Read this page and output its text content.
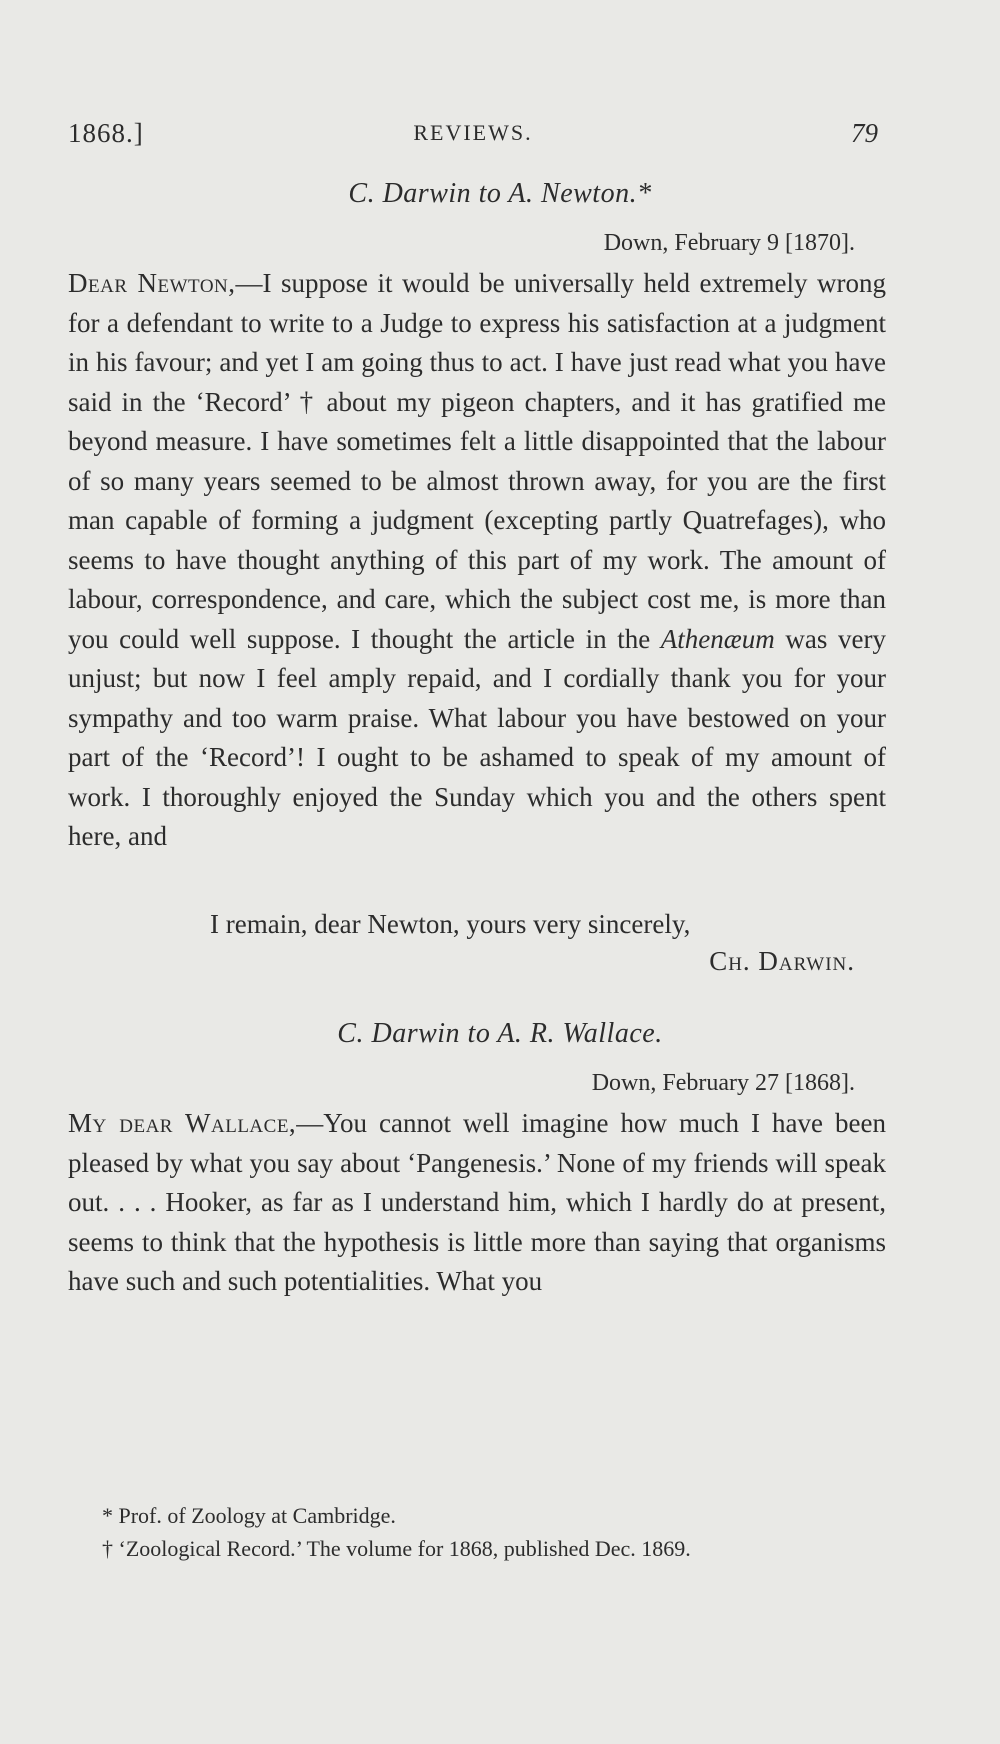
1868.]	REVIEWS.	79
C. Darwin to A. Newton.*
Down, February 9 [1870].
Dear Newton,—I suppose it would be universally held extremely wrong for a defendant to write to a Judge to express his satisfaction at a judgment in his favour; and yet I am going thus to act. I have just read what you have said in the ‘Record’ † about my pigeon chapters, and it has gratified me beyond measure. I have sometimes felt a little disappointed that the labour of so many years seemed to be almost thrown away, for you are the first man capable of forming a judgment (excepting partly Quatrefages), who seems to have thought anything of this part of my work. The amount of labour, correspondence, and care, which the subject cost me, is more than you could well suppose. I thought the article in the Athenæum was very unjust; but now I feel amply repaid, and I cordially thank you for your sympathy and too warm praise. What labour you have bestowed on your part of the ‘Record’! I ought to be ashamed to speak of my amount of work. I thoroughly enjoyed the Sunday which you and the others spent here, and
I remain, dear Newton, yours very sincerely,
Ch. Darwin.
C. Darwin to A. R. Wallace.
Down, February 27 [1868].
My dear Wallace,—You cannot well imagine how much I have been pleased by what you say about ‘Pangenesis.’ None of my friends will speak out. . . . Hooker, as far as I understand him, which I hardly do at present, seems to think that the hypothesis is little more than saying that organisms have such and such potentialities. What you
* Prof. of Zoology at Cambridge.
† ‘Zoological Record.’ The volume for 1868, published Dec. 1869.
